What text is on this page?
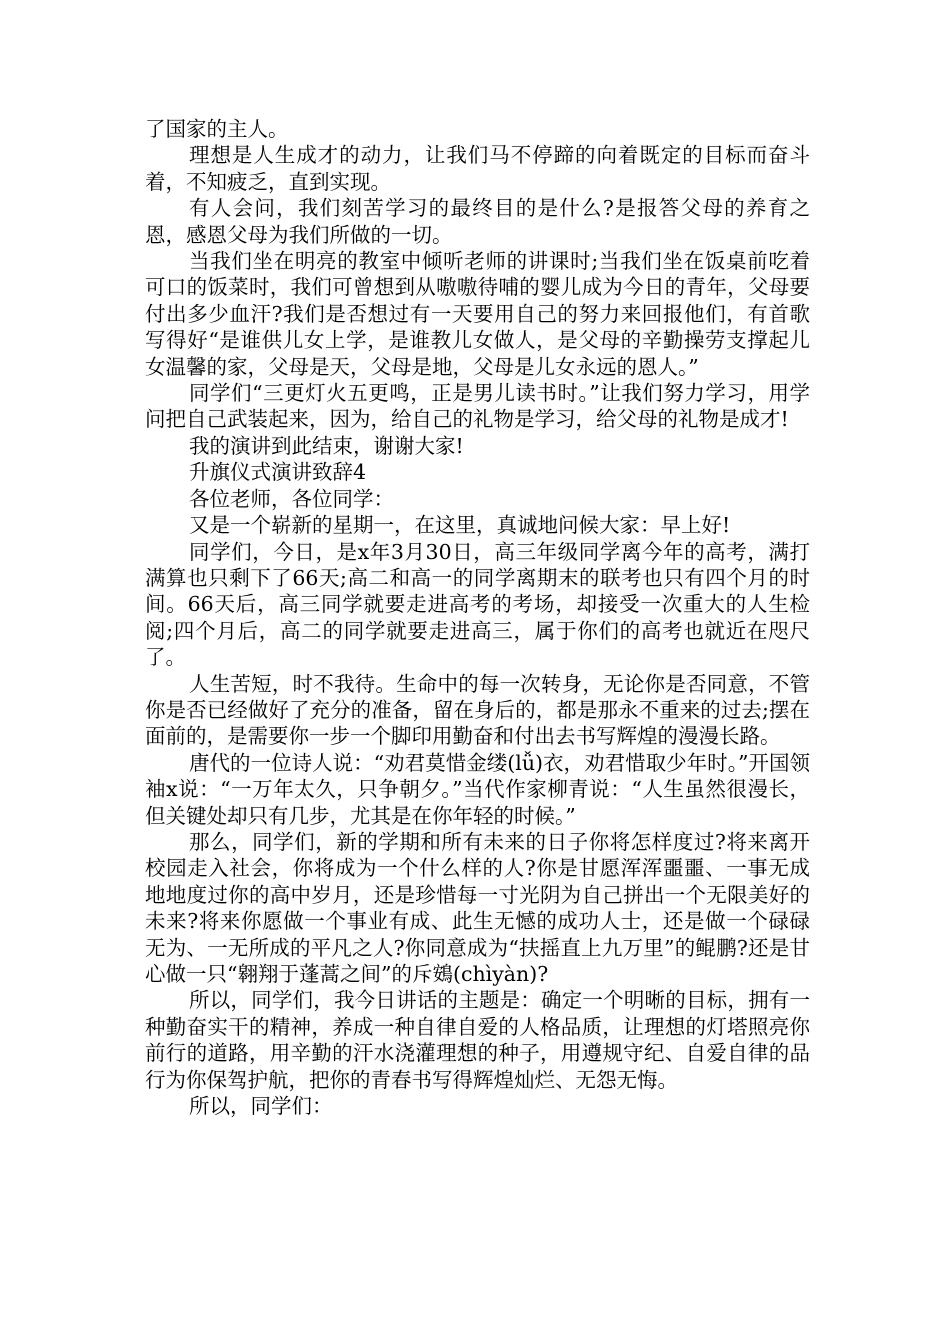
了国家的主人。

理想是人生成才的动力，让我们马不停蹄的向着既定的目标而奋斗着，不知疲乏，直到实现。

有人会问，我们刻苦学习的最终目的是什么?是报答父母的养育之恩，感恩父母为我们所做的一切。

当我们坐在明亮的教室中倾听老师的讲课时;当我们坐在饭桌前吃着可口的饭菜时，我们可曾想到从嗷嗷待哺的婴儿成为今日的青年，父母要付出多少血汗?我们是否想过有一天要用自己的努力来回报他们，有首歌写得好“是谁供儿女上学，是谁教儿女做人，是父母的辛勤操劳支撑起儿女温馨的家，父母是天，父母是地，父母是儿女永远的恩人。”

同学们“三更灯火五更鸣，正是男儿读书时。”让我们努力学习，用学问把自己武装起来，因为，给自己的礼物是学习，给父母的礼物是成才!

我的演讲到此结束，谢谢大家!

升旗仪式演讲致辞4

各位老师，各位同学：

又是一个崭新的星期一，在这里，真诚地问候大家：早上好!

同学们，今日，是x年3月30日，高三年级同学离今年的高考，满打满算也只剩下了66天;高二和高一的同学离期末的联考也只有四个月的时间。66天后，高三同学就要走进高考的考场，却接受一次重大的人生检阅;四个月后，高二的同学就要走进高三，属于你们的高考也就近在咫尺了。

人生苦短，时不我待。生命中的每一次转身，无论你是否同意，不管你是否已经做好了充分的准备，留在身后的，都是那永不重来的过去;摆在面前的，是需要你一步一个脚印用勤奋和付出去书写辉煌的漫漫长路。

唐代的一位诗人说：“劝君莫惜金缕(lǚ)衣，劝君惜取少年时。”开国领袖x说：“一万年太久，只争朝夕。”当代作家柳青说：“人生虽然很漫长，但关键处却只有几步，尤其是在你年轻的时候。”

那么，同学们，新的学期和所有未来的日子你将怎样度过?将来离开校园走入社会，你将成为一个什么样的人?你是甘愿浑浑噩噩、一事无成地地度过你的高中岁月，还是珍惜每一寸光阴为自己拼出一个无限美好的未来?将来你愿做一个事业有成、此生无憾的成功人士，还是做一个碌碌无为、一无所成的平凡之人?你同意成为“扶摇直上九万里”的鲲鹏?还是甘心做一只“翱翔于蓬蒿之间”的斥鴳(chìyàn)?

所以，同学们，我今日讲话的主题是：确定一个明晰的目标，拥有一种勤奋实干的精神，养成一种自律自爱的人格品质，让理想的灯塔照亮你前行的道路，用辛勤的汗水浇灌理想的种子，用遵规守纪、自爱自律的品行为你保驾护航，把你的青春书写得辉煌灿烂、无怨无悔。

所以，同学们：
